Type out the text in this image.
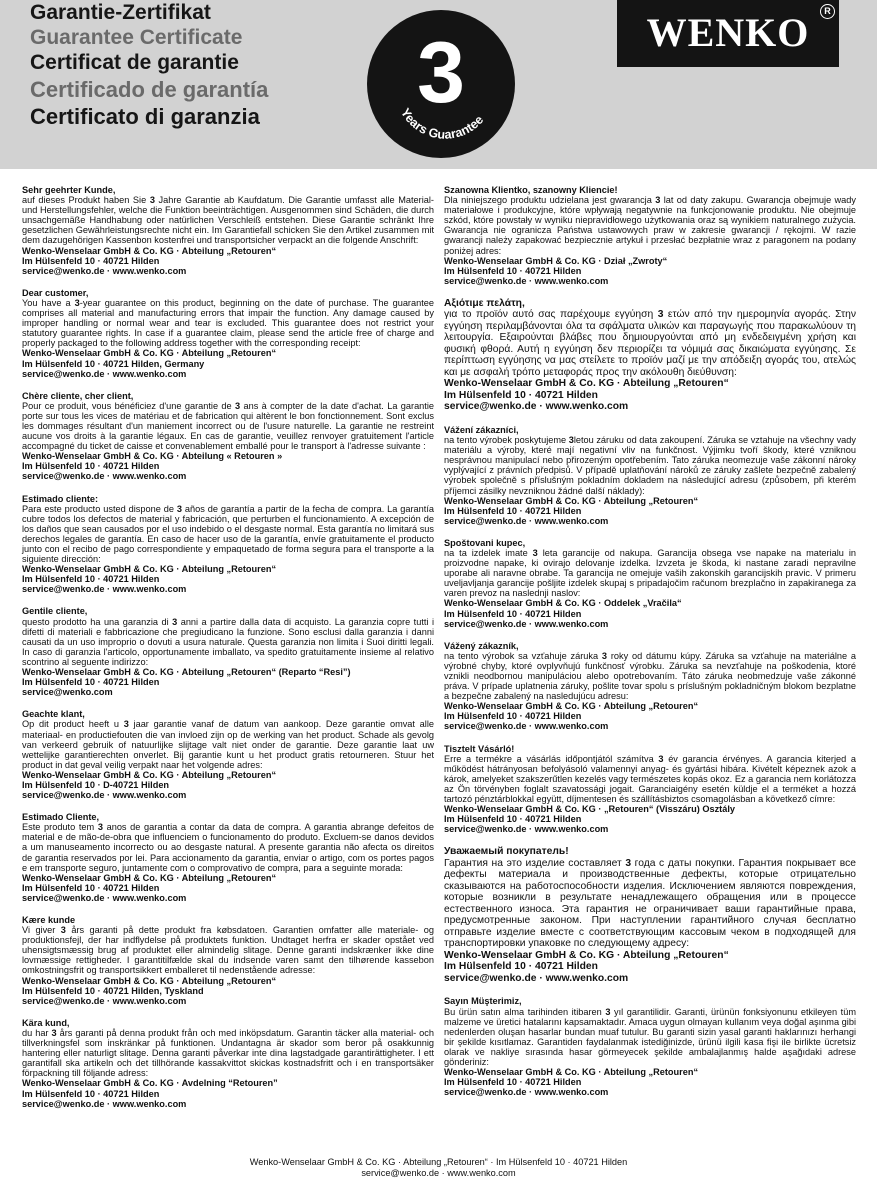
Garantie-Zertifikat
Guarantee Certificate
Certificat de garantie
Certificado de garantía
Certificato di garanzia 3
Years Guarantee
WENKO	R

Sehr geehrter Kunde,

auf dieses Produkt haben Sie 3 Jahre Garantie ab Kaufdatum. Die Garantie umfasst alle Material- und Herstellungsfehler, welche die Funktion beeinträchtigen. Ausgenommen sind Schäden, die durch unsachgemäße Handhabung oder natürlichen Verschleiß entstehen. Diese Garantie schränkt Ihre gesetzlichen Gewährleistungsrechte nicht ein. Im Garantiefall schicken Sie den Artikel zusammen mit dem dazugehörigen Kassenbon kostenfrei und transportsicher verpackt an die folgende Anschrift:

Wenko-Wenselaar GmbH & Co. KG · Abteilung „Retouren“

Im Hülsenfeld 10 · 40721 Hilden

service@wenko.de · www.wenko.com

Dear customer,

You have a 3-year guarantee on this product, beginning on the date of purchase. The guarantee comprises all material and manufacturing errors that impair the function. Any damage caused by improper handling or normal wear and tear is excluded. This guarantee does not restrict your statutory guarantee rights. In case if a guarantee claim, please send the article free of charge and properly packaged to the following address together with the corresponding receipt:

Wenko-Wenselaar GmbH & Co. KG · Abteilung „Retouren“

Im Hülsenfeld 10 · 40721 Hilden, Germany

service@wenko.de · www.wenko.com

Chère cliente, cher client,

Pour ce produit, vous bénéficiez d'une garantie de 3 ans à compter de la date d'achat. La garantie porte sur tous les vices de matériau et de fabrication qui altèrent le bon fonctionnement. Sont exclus les dommages résultant d'un maniement incorrect ou de l'usure naturelle. La garantie ne restreint aucune vos droits à la garantie légaux. En cas de garantie, veuillez renvoyer gratuitement l'article accompagné du ticket de caisse et convenablement emballé pour le transport à l'adresse suivante :

Wenko-Wenselaar GmbH & Co. KG · Abteilung « Retouren »

Im Hülsenfeld 10 · 40721 Hilden

service@wenko.de · www.wenko.com

Estimado cliente:

Para este producto usted dispone de 3 años de garantía a partir de la fecha de compra. La garantía cubre todos los defectos de material y fabricación, que perturben el funcionamiento. A excepción de los daños que sean causados por el uso indebido o el desgaste normal. Esta garantía no limitará sus derechos legales de garantía. En caso de hacer uso de la garantía, envíe gratuitamente el producto junto con el recibo de pago correspondiente y empaquetado de forma segura para el transporte a la siguiente dirección:

Wenko-Wenselaar GmbH & Co. KG · Abteilung „Retouren“

Im Hülsenfeld 10 · 40721 Hilden

service@wenko.de · www.wenko.com

Gentile cliente,

questo prodotto ha una garanzia di 3 anni a partire dalla data di acquisto. La garanzia copre tutti i difetti di materiali e fabbricazione che pregiudicano la funzione. Sono esclusi dalla garanzia i danni causati da un uso improprio o dovuti a usura naturale. Questa garanzia non limita i Suoi diritti legali. In caso di garanzia l'articolo, opportunamente imballato, va spedito gratuitamente insieme al relativo scontrino al seguente indirizzo:

Wenko-Wenselaar GmbH & Co. KG · Abteilung „Retouren“ (Reparto “Resi”)

Im Hülsenfeld 10 · 40721 Hilden

service@wenko.com

Geachte klant,

Op dit product heeft u 3 jaar garantie vanaf de datum van aankoop. Deze garantie omvat alle materiaal- en productiefouten die van invloed zijn op de werking van het product. Schade als gevolg van verkeerd gebruik of natuurlijke slijtage valt niet onder de garantie. Deze garantie laat uw wettelijke garantierechten onverlet. Bij garantie kunt u het product gratis retourneren. Stuur het product in dat geval veilig verpakt naar het volgende adres:

Wenko-Wenselaar GmbH & Co. KG · Abteilung „Retouren“

Im Hülsenfeld 10 · D-40721 Hilden

service@wenko.de · www.wenko.com

Estimado Cliente,

Este produto tem 3 anos de garantia a contar da data de compra. A garantia abrange defeitos de material e de mão-de-obra que influenciem o funcionamento do produto. Excluem-se danos devidos a um manuseamento incorrecto ou ao desgaste natural. A presente garantia não afecta os direitos de garantia reservados por lei. Para accionamento da garantia, enviar o artigo, com os portes pagos e em transporte seguro, juntamente com o comprovativo de compra, para a seguinte morada:

Wenko-Wenselaar GmbH & Co. KG · Abteilung „Retouren“

Im Hülsenfeld 10 · 40721 Hilden

service@wenko.de · www.wenko.com

Kære kunde

Vi giver 3 års garanti på dette produkt fra købsdatoen. Garantien omfatter alle materiale- og produktionsfejl, der har indflydelse på produktets funktion. Undtaget herfra er skader opstået ved uhensigtsmæssig brug af produktet eller almindelig slitage. Denne garanti indskrænker ikke dine lovmæssige rettigheder. I garantitilfælde skal du indsende varen samt den tilhørende kassebon omkostningsfrit og transportsikkert emballeret til nedenstående adresse:

Wenko-Wenselaar GmbH & Co. KG · Abteilung „Retouren“

Im Hülsenfeld 10 · 40721 Hilden, Tyskland

service@wenko.de · www.wenko.com

Kära kund,

du har 3 års garanti på denna produkt från och med inköpsdatum. Garantin täcker alla material- och tillverkningsfel som inskränkar på funktionen. Undantagna är skador som beror på osakkunnig hantering eller naturligt slitage. Denna garanti påverkar inte dina lagstadgade garantirättigheter. I ett garantifall ska artikeln och det tillhörande kassakvittot skickas kostnadsfritt och i en transportsäker förpackning till följande adress:

Wenko-Wenselaar GmbH & Co. KG · Avdelning “Retouren”

Im Hülsenfeld 10 · 40721 Hilden

service@wenko.de · www.wenko.com

Szanowna Klientko, szanowny Kliencie!

Dla niniejszego produktu udzielana jest gwarancja 3 lat od daty zakupu. Gwarancja obejmuje wady materiałowe i produkcyjne, które wpływają negatywnie na funkcjonowanie produktu. Nie obejmuje szkód, które powstały w wyniku niepravidłowego użytkowania oraz są wynikiem naturalnego zużycia. Gwarancja nie ogranicza Państwa ustawowych praw w zakresie gwarancji / rękojmi. W razie gwarancji należy zapakować bezpiecznie artykuł i przesłać bezpłatnie wraz z paragonem na podany poniżej adres:

Wenko-Wenselaar GmbH & Co. KG · Dział „Zwroty“

Im Hülsenfeld 10 · 40721 Hilden

service@wenko.de · www.wenko.com

Αξιότιμε πελάτη,

για το προϊόν αυτό σας παρέχουμε εγγύηση 3 ετών από την ημερομηνία αγοράς. Στην εγγύηση περιλαμβάνονται όλα τα σφάλματα υλικών και παραγωγής που παρακωλύουν τη λειτουργία. Εξαιρούνται βλάβες που δημιουργούνται από μη ενδεδειγμένη χρήση και φυσική φθορά. Αυτή η εγγύηση δεν περιορίζει τα νόμιμά σας δικαιώματα εγγύησης. Σε περίπτωση εγγύησης να μας στείλετε το προϊόν μαζί με την απόδειξη αγοράς του, ατελώς και με ασφαλή τρόπο μεταφοράς προς την ακόλουθη διεύθυνση:

Wenko-Wenselaar GmbH & Co. KG · Abteilung „Retouren“

Im Hülsenfeld 10 · 40721 Hilden

service@wenko.de · www.wenko.com

Vážení zákazníci,

na tento výrobek poskytujeme 3letou záruku od data zakoupení. Záruka se vztahuje na všechny vady materiálu a výroby, které mají negativní vliv na funkčnost. Výjimku tvoří škody, které vzniknou nesprávnou manipulací nebo přirozeným opotřebením. Tato záruka neomezuje vaše zákonní nároky vyplývající z právních předpisů. V případě uplatňování nároků ze záruky zašlete bezpečně zabalený výrobek společně s příslušným pokladním dokladem na následující adresu (způsobem, při kterém příjemci zásilky nevzniknou žádné další náklady):

Wenko-Wenselaar GmbH & Co. KG · Abteilung „Retouren“

Im Hülsenfeld 10 · 40721 Hilden

service@wenko.de · www.wenko.com

Spoštovani kupec,

na ta izdelek imate 3 leta garancije od nakupa. Garancija obsega vse napake na materialu in proizvodne napake, ki ovirajo delovanje izdelka. Izvzeta je škoda, ki nastane zaradi nepravilne uporabe ali naravne obrabe. Ta garancija ne omejuje vaših zakonskih garancijskih pravic. V primeru uveljavljanja garancije pošljite izdelek skupaj s pripadajočim računom brezplačno in zapakiranega za varen prevoz na naslednji naslov:

Wenko-Wenselaar GmbH & Co. KG · Oddelek „Vračila“

Im Hülsenfeld 10 · 40721 Hilden

service@wenko.de · www.wenko.com

Vážený zákazník,

na tento výrobok sa vzťahuje záruka 3 roky od dátumu kúpy. Záruka sa vzťahuje na materiálne a výrobné chyby, ktoré ovplyvňujú funkčnosť výrobku. Záruka sa nevzťahuje na poškodenia, ktoré vznikli neodbornou manipuláciou alebo opotrebovaním. Táto záruka neobmedzuje vaše zákonné práva. V prípade uplatnenia záruky, pošlite tovar spolu s príslušným pokladničným blokom bezplatne a bezpečne zabalený na nasledujúcu adresu:

Wenko-Wenselaar GmbH & Co. KG · Abteilung „Retouren“

Im Hülsenfeld 10 · 40721 Hilden

service@wenko.de · www.wenko.com

Tisztelt Vásárló!

Erre a termékre a vásárlás időpontjától számítva 3 év garancia érvényes. A garancia kiterjed a működést hátrányosan befolyásoló valamennyi anyag- és gyártási hibára. Kivételt képeznek azok a károk, amelyeket szakszerűtlen kezelés vagy természetes kopás okoz. Ez a garancia nem korlátozza az Ön törvényben foglalt szavatossági jogait. Garanciaigény esetén küldje el a terméket a hozzá tartozó pénztárblokkal együtt, díjmentesen és szállításbiztos csomagolásban a következő címre:

Wenko-Wenselaar GmbH & Co. KG · „Retouren“ (Visszáru) Osztály

Im Hülsenfeld 10 · 40721 Hilden

service@wenko.de · www.wenko.com

Уважаемый покупатель!

Гарантия на это изделие составляет 3 года с даты покупки. Гарантия покрывает все дефекты материала и производственные дефекты, которые отрицательно сказываются на работоспособности изделия. Исключением являются повреждения, которые возникли в результате ненадлежащего обращения или в процессе естественного износа. Эта гарантия не ограничивает ваши гарантийные права, предусмотренные законом. При наступлении гарантийного случая бесплатно отправьте изделие вместе с соответствующим кассовым чеком в подходящей для транспортировки упаковке по следующему адресу:

Wenko-Wenselaar GmbH & Co. KG · Abteilung „Retouren“

Im Hülsenfeld 10 · 40721 Hilden

service@wenko.de · www.wenko.com

Sayın Müşterimiz,

Bu ürün satın alma tarihinden itibaren 3 yıl garantilidir. Garanti, ürünün fonksiyonunu etkileyen tüm malzeme ve üretici hatalarını kapsamaktadır. Amaca uygun olmayan kullanım veya doğal aşınma gibi nedenlerden oluşan hasarlar bundan muaf tutulur. Bu garanti sizin yasal garanti haklarınızı herhangi bir şekilde kısıtlamaz. Garantiden faydalanmak istediğinizde, ürünü ilgili kasa fişi ile birlikte ücretsiz olarak ve nakliye sırasında hasar görmeyecek şekilde ambalajlanmış halde aşağıdaki adrese gönderiniz:

Wenko-Wenselaar GmbH & Co. KG · Abteilung „Retouren“

Im Hülsenfeld 10 · 40721 Hilden

service@wenko.de · www.wenko.com

Wenko-Wenselaar GmbH & Co. KG · Abteilung „Retouren“ · Im Hülsenfeld 10 · 40721 Hilden

service@wenko.de · www.wenko.com
